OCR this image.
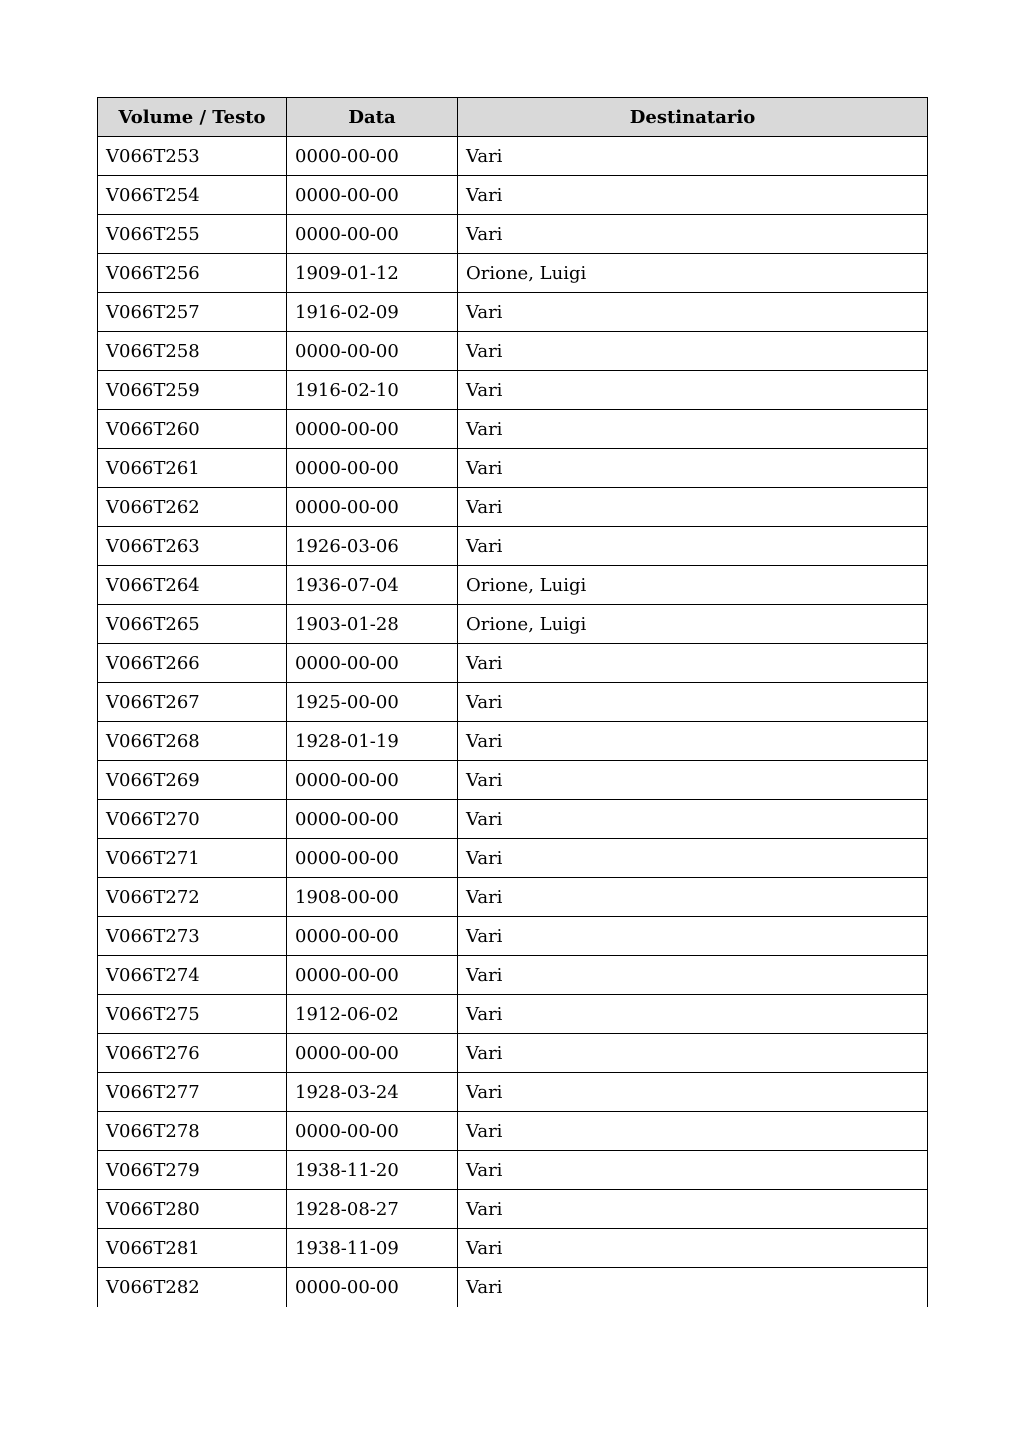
Volume / Testo	Data	Destinatario
V066T253	0000-00-00	Vari
V066T254	0000-00-00	Vari
V066T255	0000-00-00	Vari
V066T256	1909-01-12	Orione, Luigi
V066T257	1916-02-09	Vari
V066T258	0000-00-00	Vari
V066T259	1916-02-10	Vari
V066T260	0000-00-00	Vari
V066T261	0000-00-00	Vari
V066T262	0000-00-00	Vari
V066T263	1926-03-06	Vari
V066T264	1936-07-04	Orione, Luigi
V066T265	1903-01-28	Orione, Luigi
V066T266	0000-00-00	Vari
V066T267	1925-00-00	Vari
V066T268	1928-01-19	Vari
V066T269	0000-00-00	Vari
V066T270	0000-00-00	Vari
V066T271	0000-00-00	Vari
V066T272	1908-00-00	Vari
V066T273	0000-00-00	Vari
V066T274	0000-00-00	Vari
V066T275	1912-06-02	Vari
V066T276	0000-00-00	Vari
V066T277	1928-03-24	Vari
V066T278	0000-00-00	Vari
V066T279	1938-11-20	Vari
V066T280	1928-08-27	Vari
V066T281	1938-11-09	Vari
V066T282	0000-00-00	Vari
